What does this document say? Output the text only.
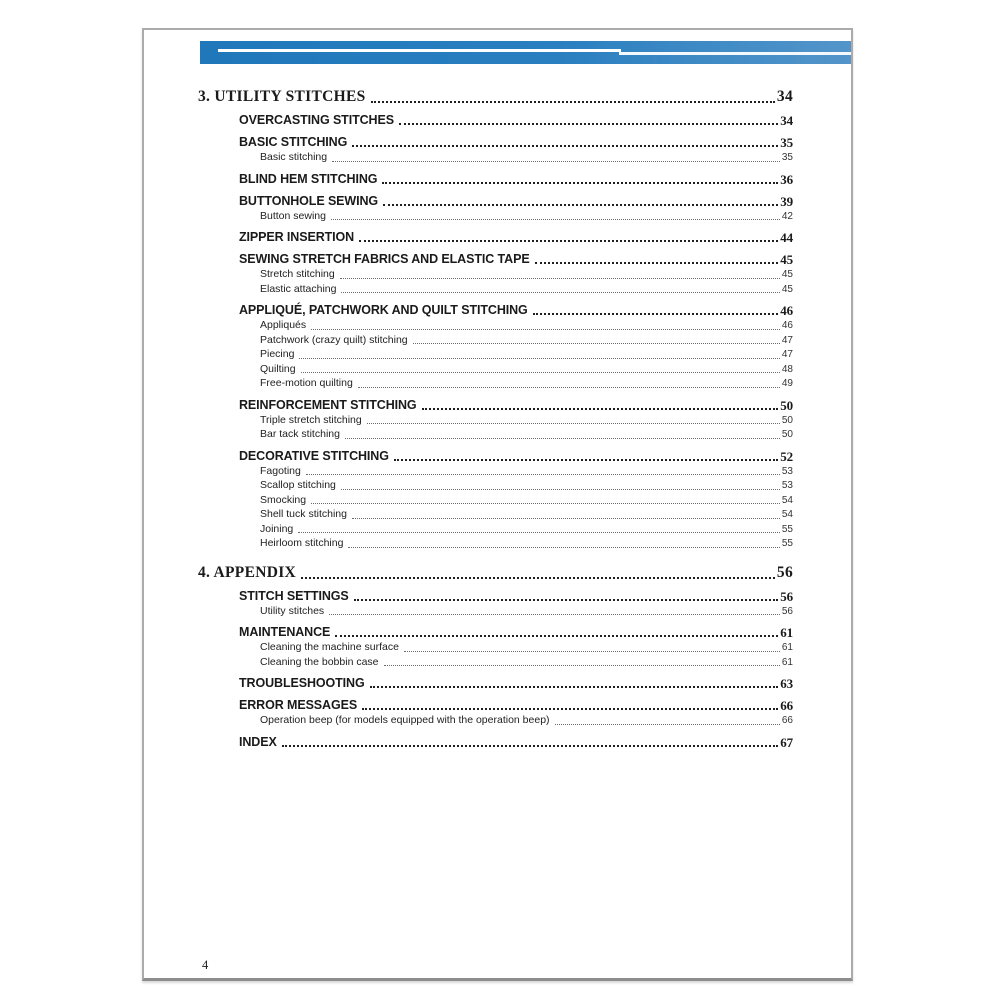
3. UTILITY STITCHES	34
OVERCASTING STITCHES	34
BASIC STITCHING	35
Basic stitching	35
BLIND HEM STITCHING	36
BUTTONHOLE SEWING	39
Button sewing	42
ZIPPER INSERTION	44
SEWING STRETCH FABRICS AND ELASTIC TAPE	45
Stretch stitching	45
Elastic attaching	45
APPLIQUÉ, PATCHWORK AND QUILT STITCHING	46
Appliqués	46
Patchwork (crazy quilt) stitching	47
Piecing	47
Quilting	48
Free-motion quilting	49
REINFORCEMENT STITCHING	50
Triple stretch stitching	50
Bar tack stitching	50
DECORATIVE STITCHING	52
Fagoting	53
Scallop stitching	53
Smocking	54
Shell tuck stitching	54
Joining	55
Heirloom stitching	55
4. APPENDIX	56
STITCH SETTINGS	56
Utility stitches	56
MAINTENANCE	61
Cleaning the machine surface	61
Cleaning the bobbin case	61
TROUBLESHOOTING	63
ERROR MESSAGES	66
Operation beep (for models equipped with the operation beep)	66
INDEX	67
4
